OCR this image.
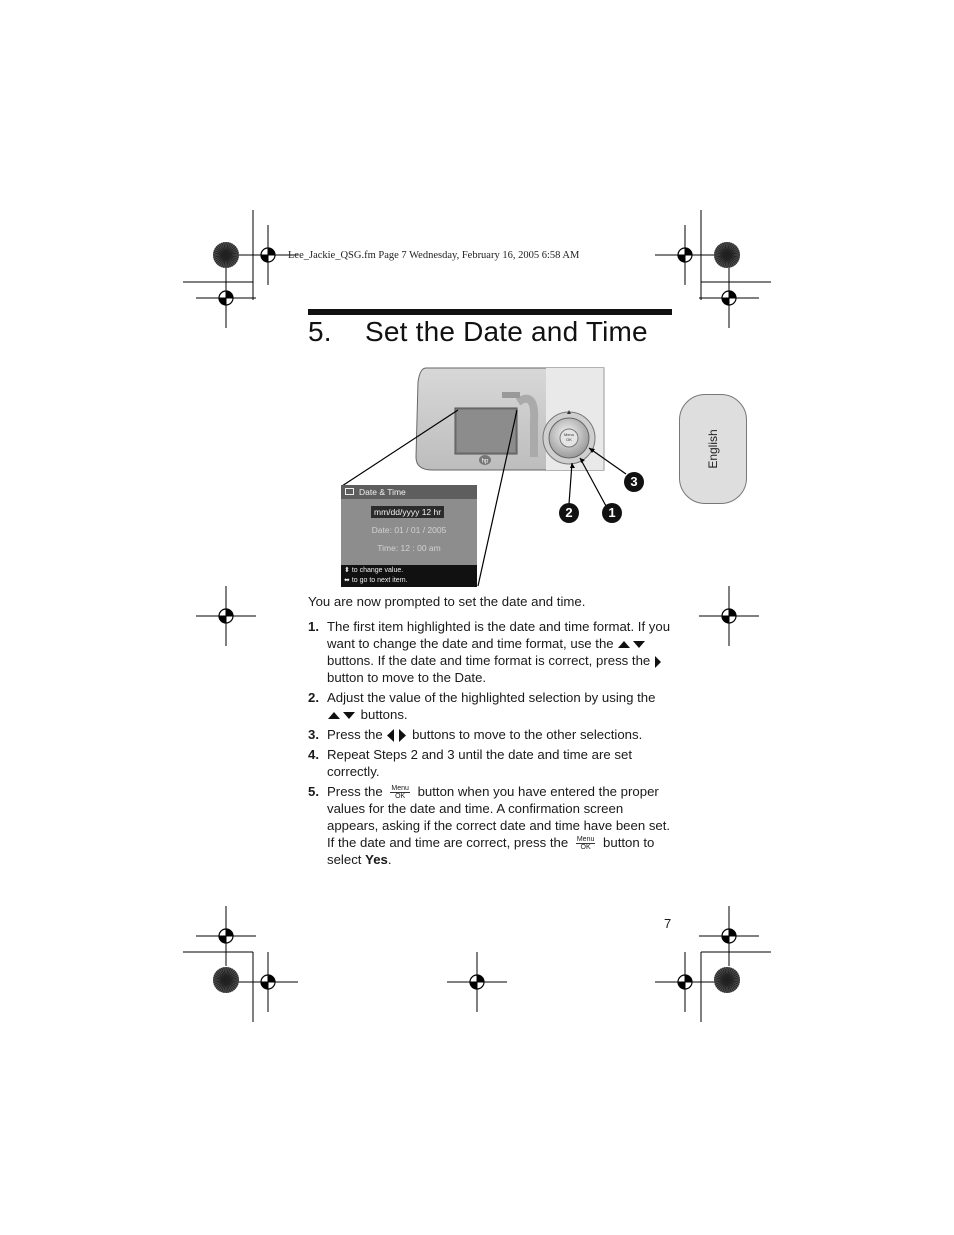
Lee_Jackie_QSG.fm Page 7 Wednesday, February 16, 2005 6:58 AM
5. Set the Date and Time
English
hp
Menu
OK
Date & Time
mm/dd/yyyy 12 hr
Date: 01 / 01 / 2005
Time: 12 : 00 am
⬍ to change value.
⬌ to go to next item.
3
2	1
You are now prompted to set the date and time.
1. The first item highlighted is the date and time format. If you want to change the date and time format, use the  buttons. If the date and time format is correct, press the  button to move to the Date.
2. Adjust the value of the highlighted selection by using the  buttons.
3. Press the buttons to move to the other selections.
4. Repeat Steps 2 and 3 until the date and time are set correctly.
5. Press the Menu
OK button when you have entered the proper values for the date and time. A confirmation screen appears, asking if the correct date and time have been set. If the date and time are correct, press the Menu
OK button to select Yes.
7
